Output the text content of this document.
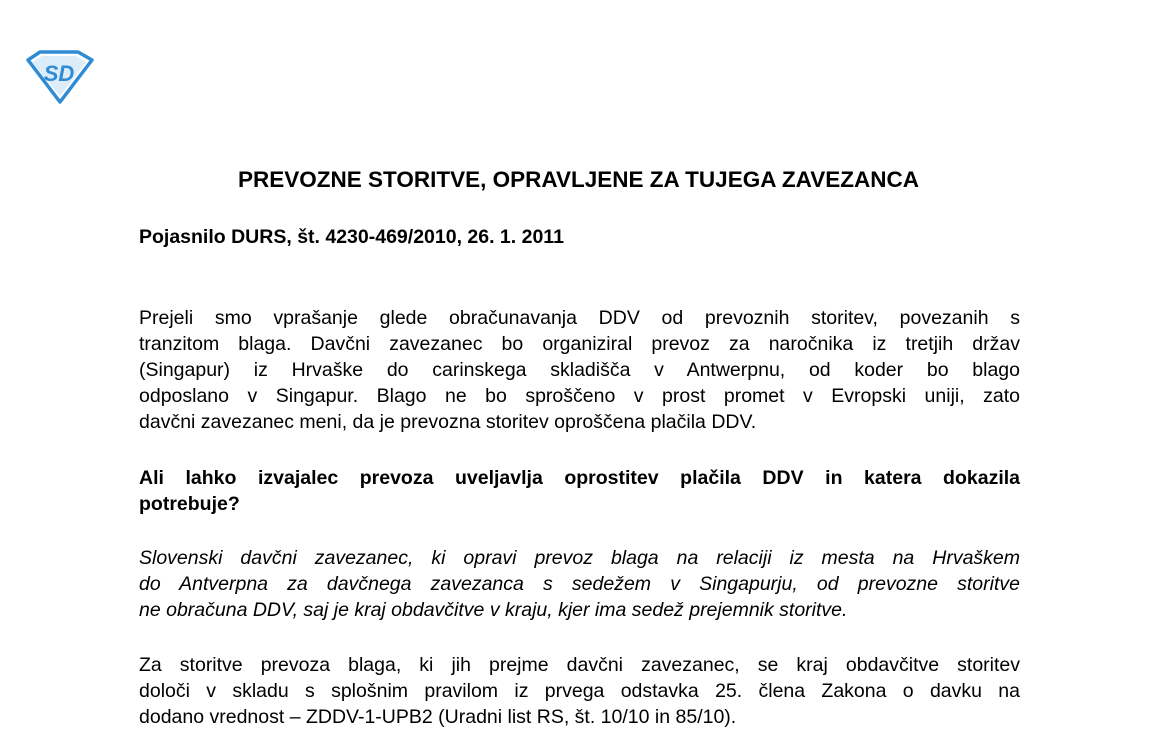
SD
PREVOZNE STORITVE, OPRAVLJENE ZA TUJEGA ZAVEZANCA

Pojasnilo DURS, št. 4230-469/2010, 26. 1. 2011

Prejeli smo vprašanje glede obračunavanja DDV od prevoznih storitev, povezanih s
tranzitom blaga. Davčni zavezanec bo organiziral prevoz za naročnika iz tretjih držav
(Singapur) iz Hrvaške do carinskega skladišča v Antwerpnu, od koder bo blago
odposlano v Singapur. Blago ne bo sproščeno v prost promet v Evropski uniji, zato
davčni zavezanec meni, da je prevozna storitev oproščena plačila DDV.

Ali lahko izvajalec prevoza uveljavlja oprostitev plačila DDV in katera dokazila
potrebuje?

Slovenski davčni zavezanec, ki opravi prevoz blaga na relaciji iz mesta na Hrvaškem
do Antverpna za davčnega zavezanca s sedežem v Singapurju, od prevozne storitve
ne obračuna DDV, saj je kraj obdavčitve v kraju, kjer ima sedež prejemnik storitve.

Za storitve prevoza blaga, ki jih prejme davčni zavezanec, se kraj obdavčitve storitev
določi v skladu s splošnim pravilom iz prvega odstavka 25. člena Zakona o davku na
dodano vrednost – ZDDV-1-UPB2 (Uradni list RS, št. 10/10 in 85/10).
